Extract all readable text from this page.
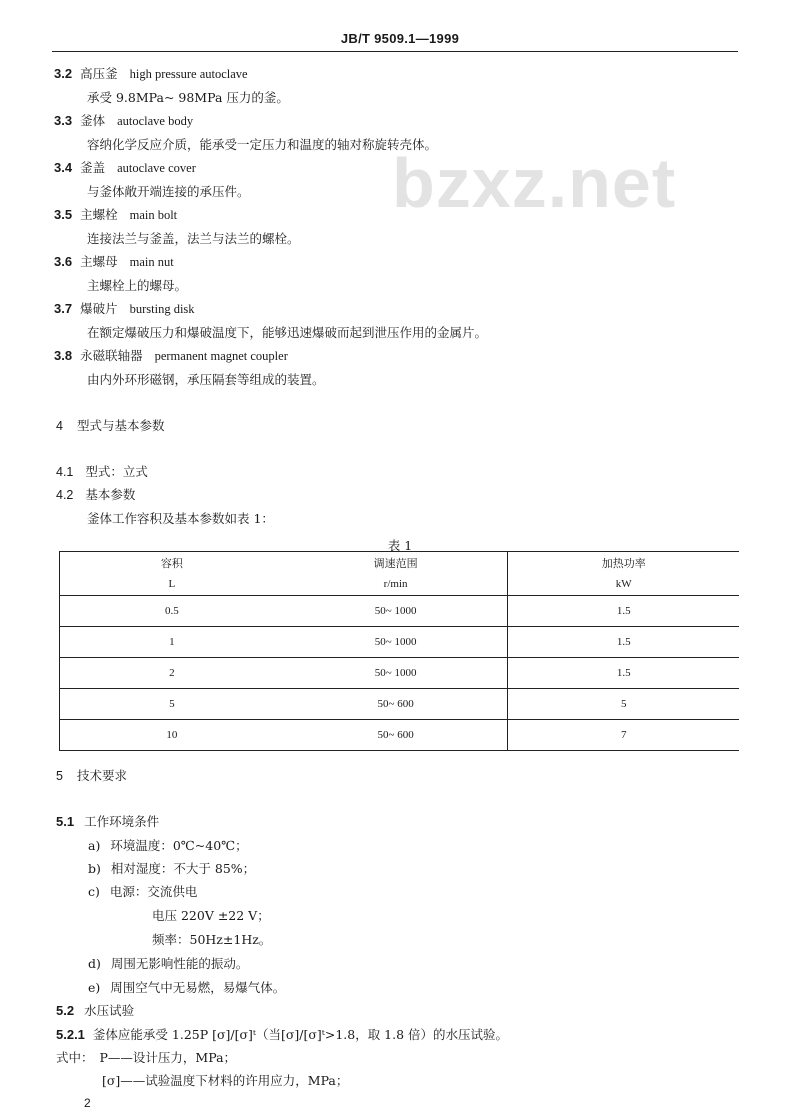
JB/T 9509.1—1999
bzxz.net
3.2 高压釜 high pressure autoclave
承受 9.8MPa~ 98MPa 压力的釜。
3.3 釜体 autoclave body
容纳化学反应介质，能承受一定压力和温度的轴对称旋转壳体。
3.4 釜盖 autoclave cover
与釜体敞开端连接的承压件。
3.5 主螺栓 main bolt
连接法兰与釜盖，法兰与法兰的螺栓。
3.6 主螺母 main nut
主螺栓上的螺母。
3.7 爆破片 bursting disk
在额定爆破压力和爆破温度下，能够迅速爆破而起到泄压作用的金属片。
3.8 永磁联轴器 permanent magnet coupler
由内外环形磁钢，承压隔套等组成的装置。
4 型式与基本参数
4.1 型式：立式
4.2 基本参数
釜体工作容积及基本参数如表 1：
表 1
容积	调速范围	加热功率
L	r/min	kW
0.5	50~ 1000	1.5
1	50~ 1000	1.5
2	50~ 1000	1.5
5	50~ 600	5
10	50~ 600	7
5 技术要求
5.1 工作环境条件
a) 环境温度：0℃~40℃；
b) 相对湿度：不大于 85%；
c) 电源：交流供电
电压 220V ±22 V；
频率：50Hz±1Hz。
d) 周围无影响性能的振动。
e) 周围空气中无易燃，易爆气体。
5.2 水压试验
5.2.1 釜体应能承受 1.25P [σ]/[σ]ᵗ（当[σ]/[σ]ᵗ>1.8，取 1.8 倍）的水压试验。
式中： P——设计压力，MPa；
[σ]——试验温度下材料的许用应力，MPa；
2
